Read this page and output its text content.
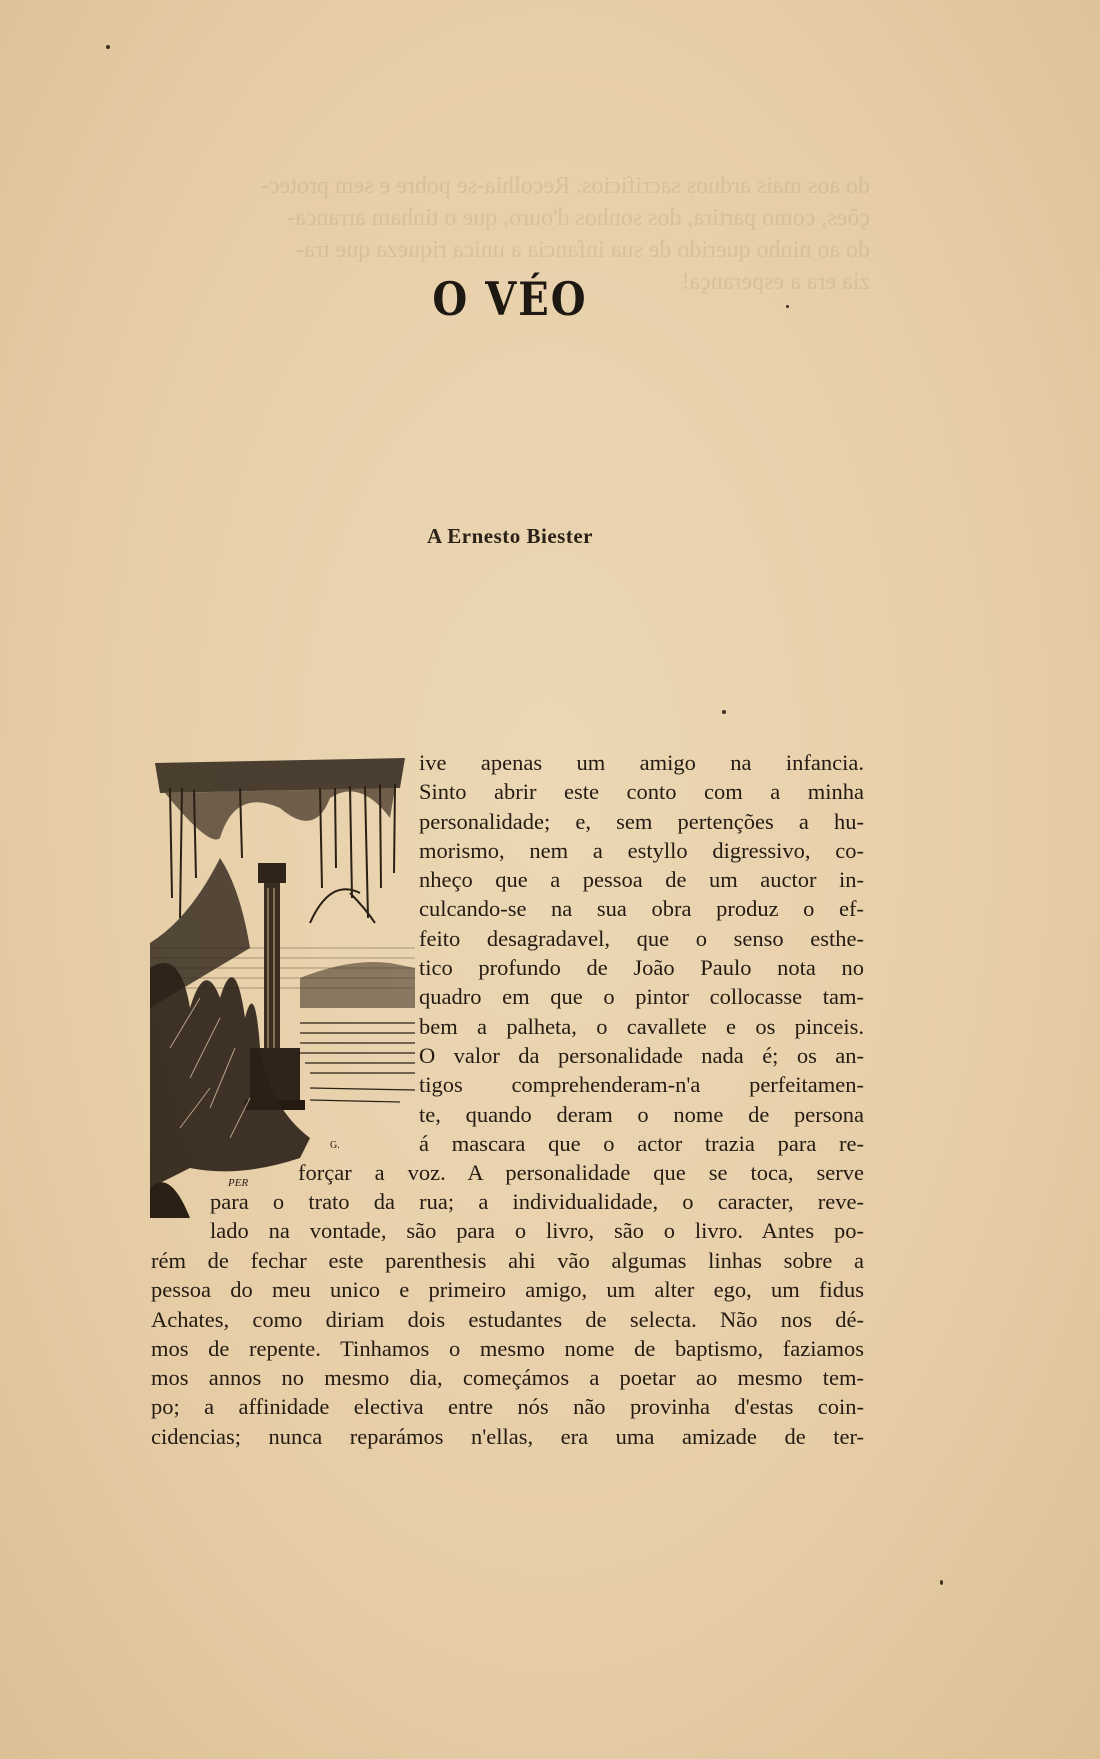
do aos mais arduos sacrificios. Recolhia-se pobre e sem protec-
ções, como partira, dos sonhos d'ouro, que o tinham arranca-
do ao ninho querido de sua infancia a unica riqueza que tra-
zia era a esperança!
O VÉO
A Ernesto Biester
PER
G.
ive apenas um amigo na infancia.
Sinto abrir este conto com a minha
personalidade; e, sem pertenções a hu-
morismo, nem a estyllo digressivo, co-
nheço que a pessoa de um auctor in-
culcando-se na sua obra produz o ef-
feito desagradavel, que o senso esthe-
tico profundo de João Paulo nota no
quadro em que o pintor collocasse tam-
bem a palheta, o cavallete e os pinceis.
O valor da personalidade nada é; os an-
tigos comprehenderam-n'a perfeitamen-
te, quando deram o nome de persona
á mascara que o actor trazia para re-
forçar a voz. A personalidade que se toca, serve
para o trato da rua; a individualidade, o caracter, reve-
lado na vontade, são para o livro, são o livro. Antes po-
rém de fechar este parenthesis ahi vão algumas linhas sobre a
pessoa do meu unico e primeiro amigo, um alter ego, um fidus
Achates, como diriam dois estudantes de selecta. Não nos dé-
mos de repente. Tinhamos o mesmo nome de baptismo, faziamos
mos annos no mesmo dia, começámos a poetar ao mesmo tem-
po; a affinidade electiva entre nós não provinha d'estas coin-
cidencias; nunca reparámos n'ellas, era uma amizade de ter-
